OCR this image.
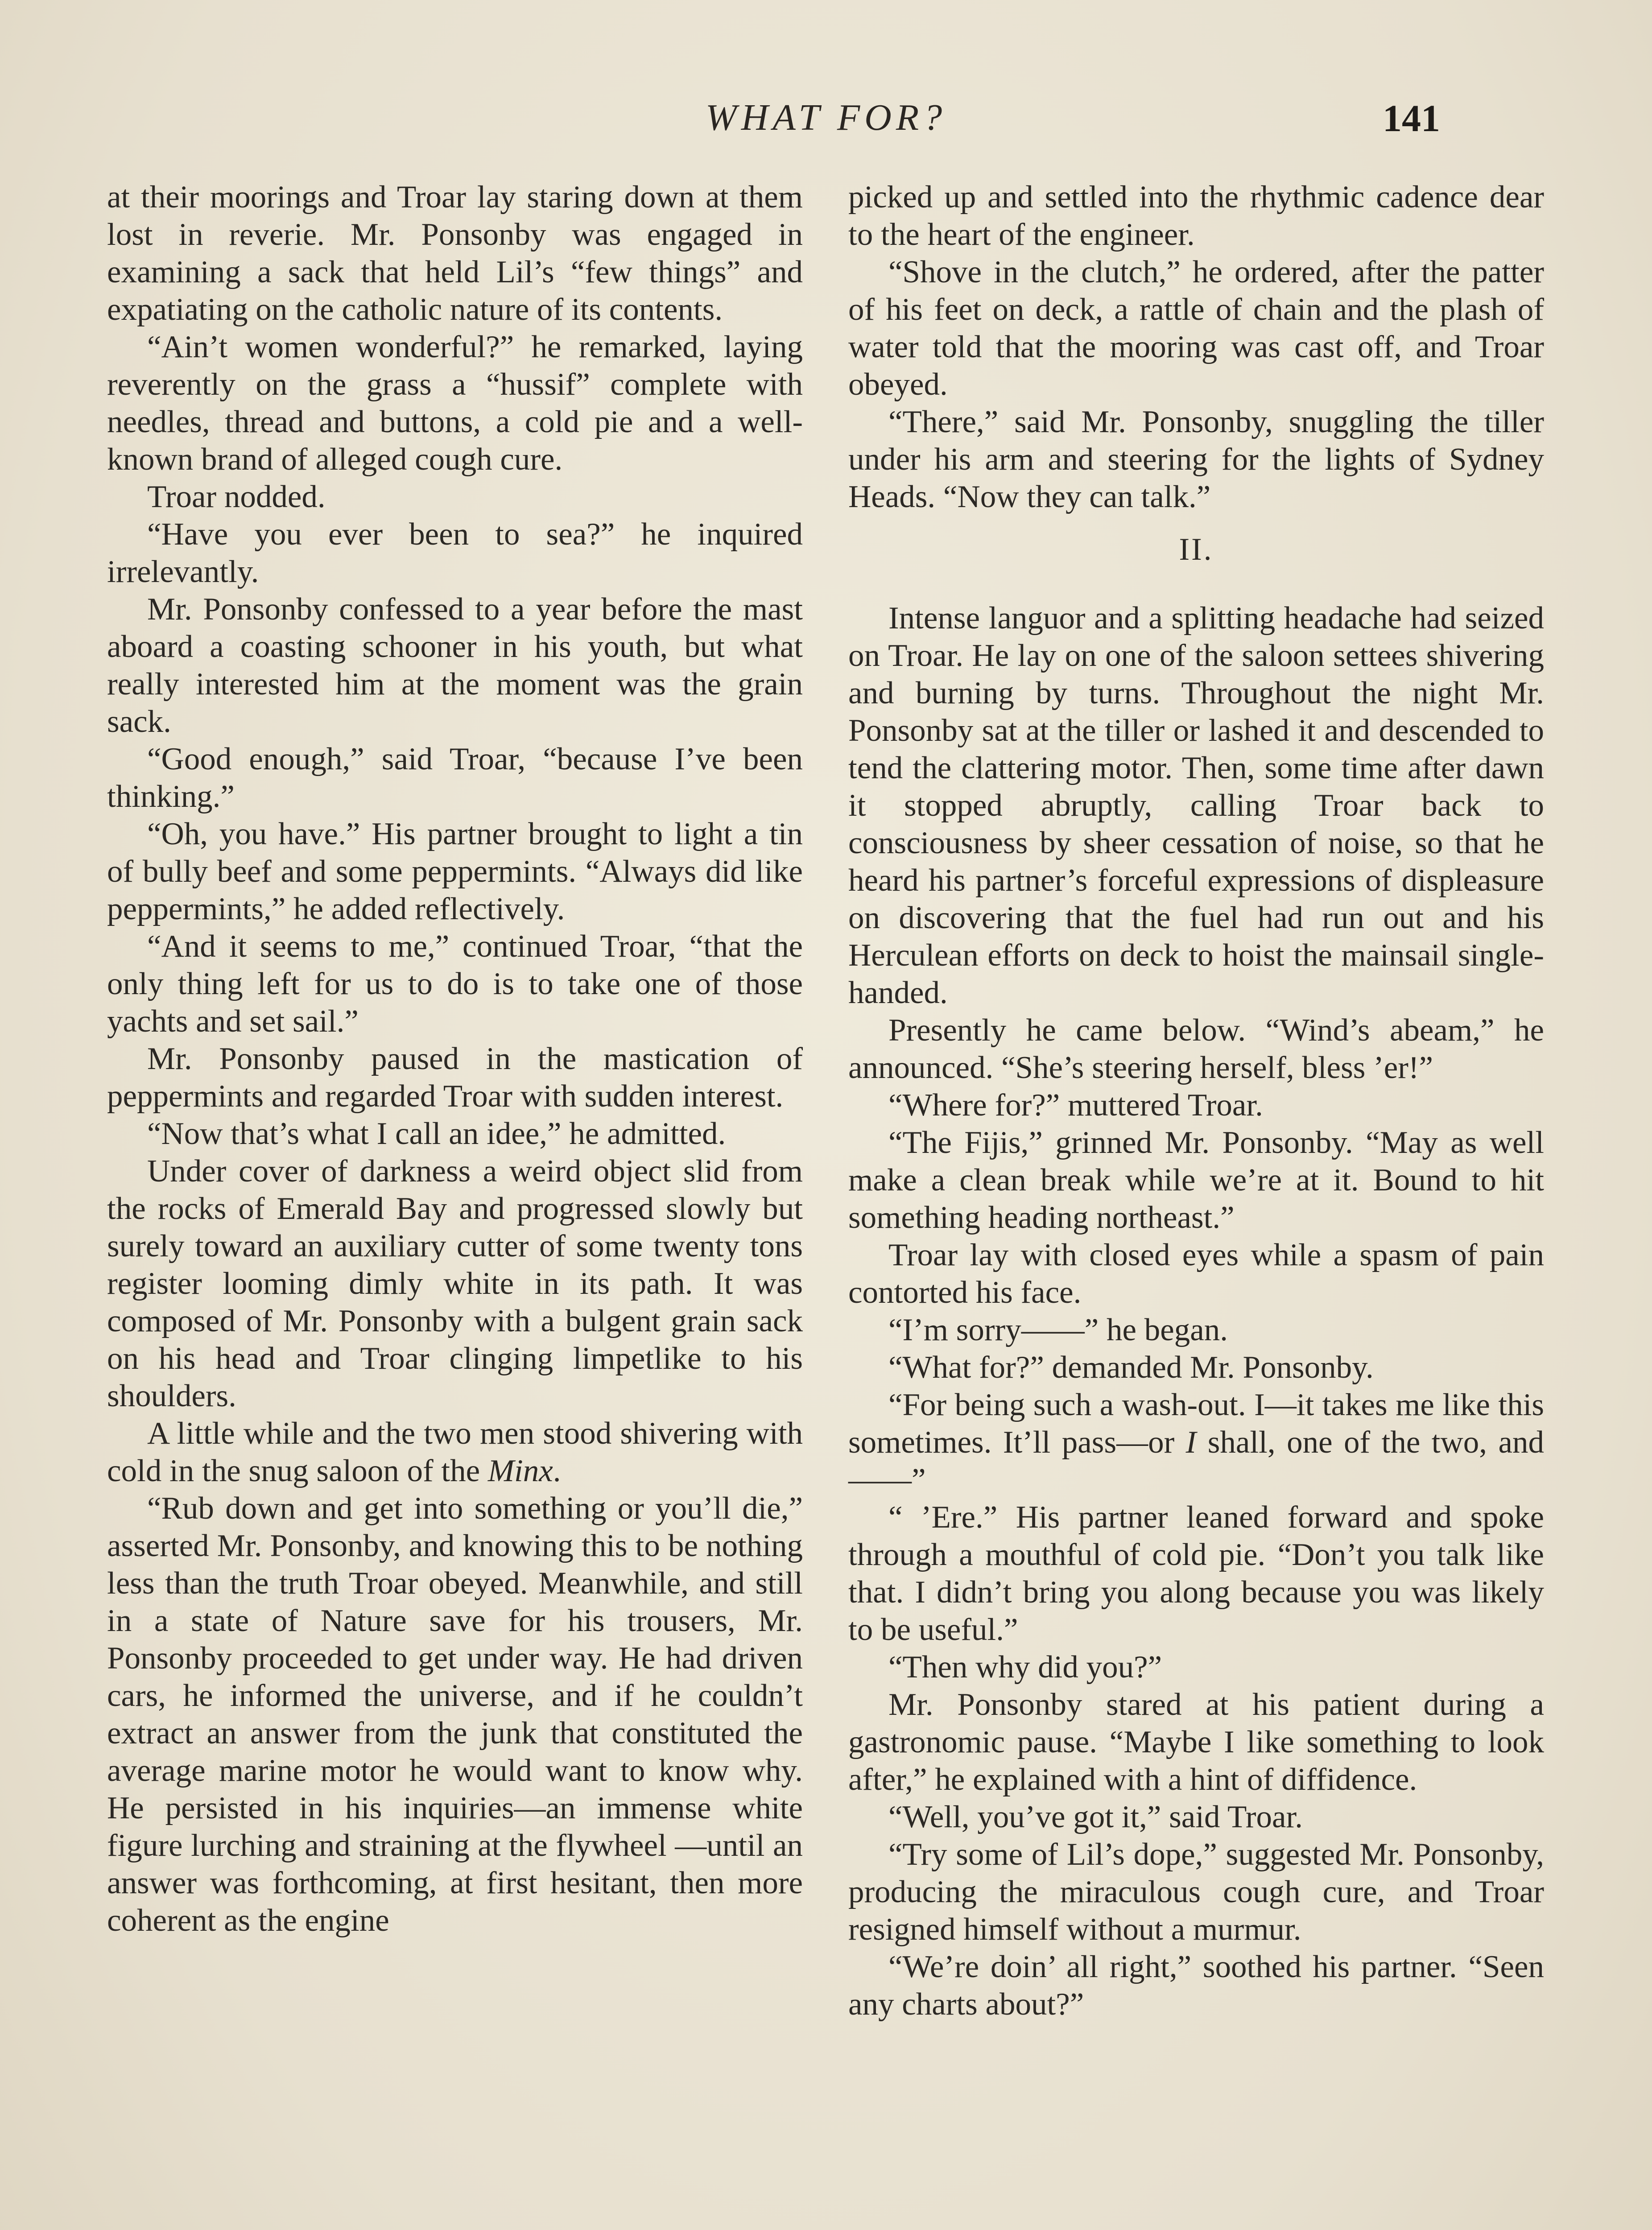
WHAT FOR?	141

at their moorings and Troar lay staring down at them lost in reverie. Mr. Ponsonby was engaged in examining a sack that held Lil’s “few things” and expatiating on the catholic nature of its contents.

“Ain’t women wonderful?” he remarked, laying reverently on the grass a “hussif” complete with needles, thread and buttons, a cold pie and a well-known brand of alleged cough cure.

Troar nodded.

“Have you ever been to sea?” he inquired irrelevantly.

Mr. Ponsonby confessed to a year before the mast aboard a coasting schooner in his youth, but what really interested him at the moment was the grain sack.

“Good enough,” said Troar, “because I’ve been thinking.”

“Oh, you have.” His partner brought to light a tin of bully beef and some peppermints. “Always did like peppermints,” he added reflectively.

“And it seems to me,” continued Troar, “that the only thing left for us to do is to take one of those yachts and set sail.”

Mr. Ponsonby paused in the mastication of peppermints and regarded Troar with sudden interest.

“Now that’s what I call an idee,” he admitted.

Under cover of darkness a weird object slid from the rocks of Emerald Bay and progressed slowly but surely toward an auxiliary cutter of some twenty tons register looming dimly white in its path. It was composed of Mr. Ponsonby with a bulgent grain sack on his head and Troar clinging limpetlike to his shoulders.

A little while and the two men stood shivering with cold in the snug saloon of the Minx.

“Rub down and get into something or you’ll die,” asserted Mr. Ponsonby, and knowing this to be nothing less than the truth Troar obeyed. Meanwhile, and still in a state of Nature save for his trousers, Mr. Ponsonby proceeded to get under way. He had driven cars, he informed the universe, and if he couldn’t extract an answer from the junk that constituted the average marine motor he would want to know why. He persisted in his inquiries—an immense white figure lurching and straining at the flywheel —until an answer was forthcoming, at first hesitant, then more coherent as the engine

picked up and settled into the rhythmic cadence dear to the heart of the engineer.

“Shove in the clutch,” he ordered, after the patter of his feet on deck, a rattle of chain and the plash of water told that the mooring was cast off, and Troar obeyed.

“There,” said Mr. Ponsonby, snuggling the tiller under his arm and steering for the lights of Sydney Heads. “Now they can talk.”

II.

Intense languor and a splitting headache had seized on Troar. He lay on one of the saloon settees shivering and burning by turns. Throughout the night Mr. Ponsonby sat at the tiller or lashed it and descended to tend the clattering motor. Then, some time after dawn it stopped abruptly, calling Troar back to consciousness by sheer cessation of noise, so that he heard his partner’s forceful expressions of displeasure on discovering that the fuel had run out and his Herculean efforts on deck to hoist the mainsail single-handed.

Presently he came below. “Wind’s abeam,” he announced. “She’s steering herself, bless ’er!”

“Where for?” muttered Troar.

“The Fijis,” grinned Mr. Ponsonby. “May as well make a clean break while we’re at it. Bound to hit something heading northeast.”

Troar lay with closed eyes while a spasm of pain contorted his face.

“I’m sorry——” he began.

“What for?” demanded Mr. Ponsonby.

“For being such a wash-out. I—it takes me like this sometimes. It’ll pass—or I shall, one of the two, and——”

“ ’Ere.” His partner leaned forward and spoke through a mouthful of cold pie. “Don’t you talk like that. I didn’t bring you along because you was likely to be useful.”

“Then why did you?”

Mr. Ponsonby stared at his patient during a gastronomic pause. “Maybe I like something to look after,” he explained with a hint of diffidence.

“Well, you’ve got it,” said Troar.

“Try some of Lil’s dope,” suggested Mr. Ponsonby, producing the miraculous cough cure, and Troar resigned himself without a murmur.

“We’re doin’ all right,” soothed his partner. “Seen any charts about?”
